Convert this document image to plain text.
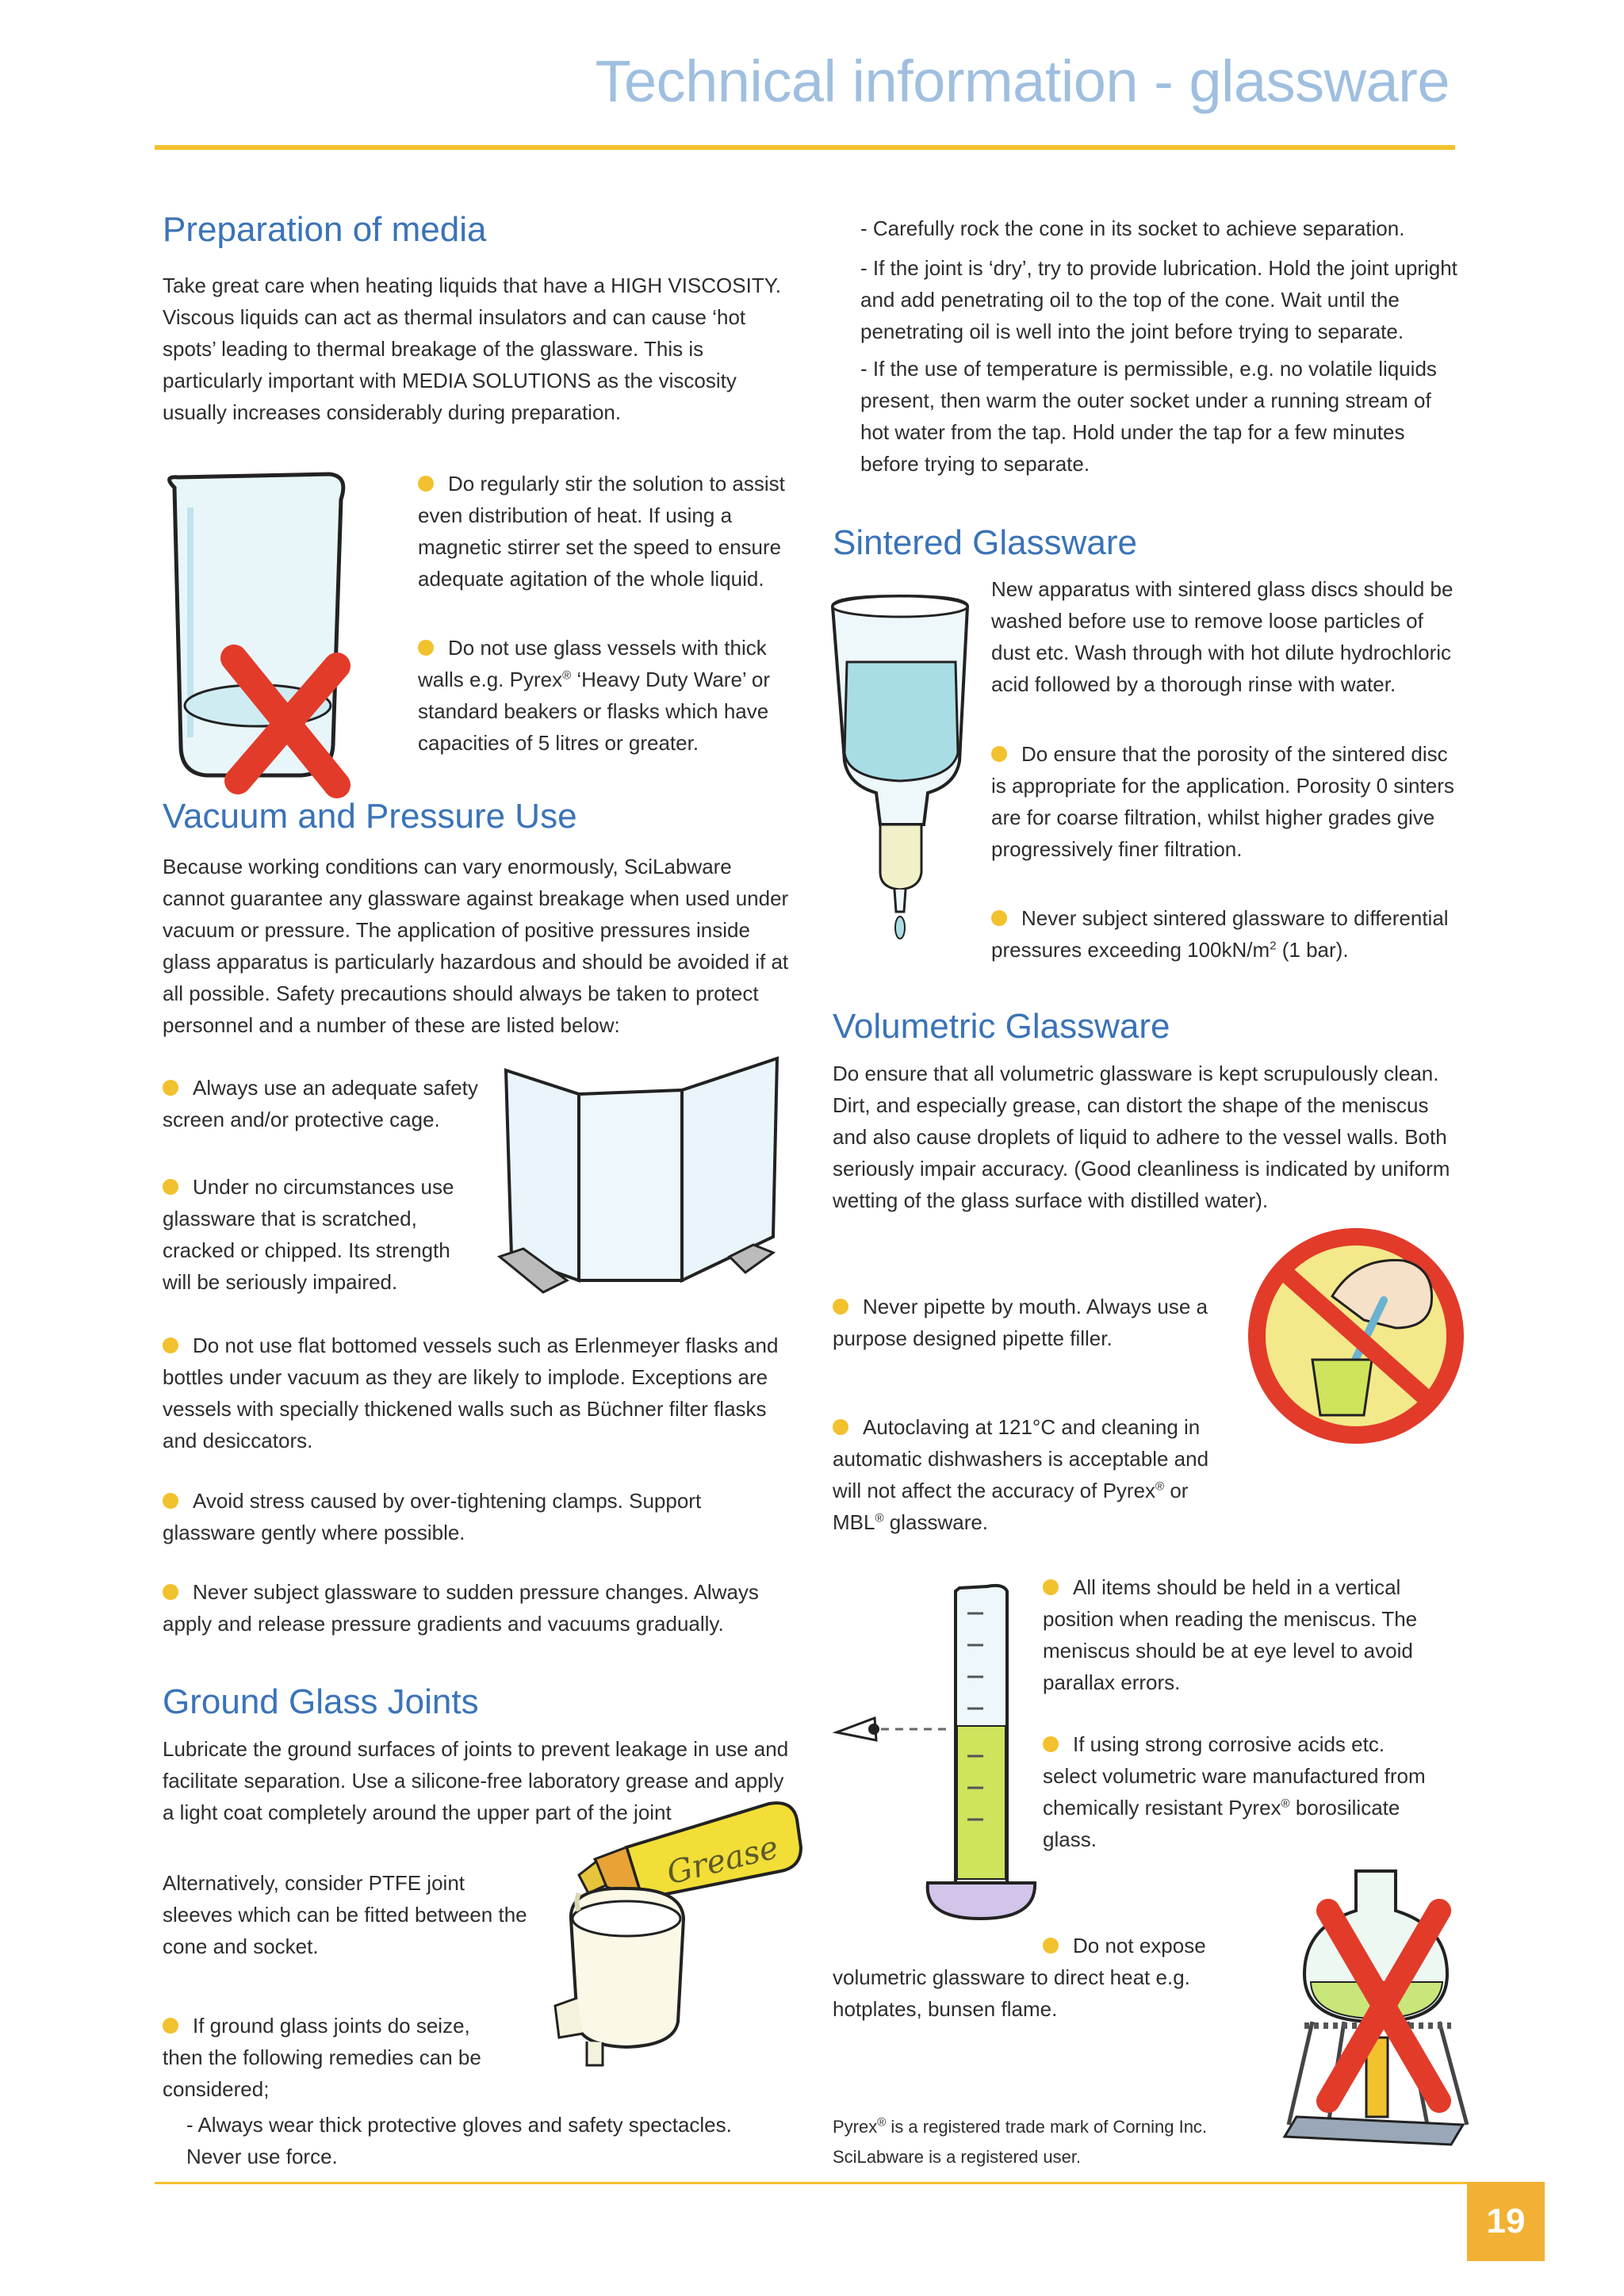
Technical information - glassware
Preparation of media

Take great care when heating liquids that have a HIGH VISCOSITY. Viscous liquids can act as thermal insulators and can cause ‘hot spots’ leading to thermal breakage of the glassware. This is particularly important with MEDIA SOLUTIONS as the viscosity usually increases considerably during preparation.

Do regularly stir the solution to assist even distribution of heat. If using a magnetic stirrer set the speed to ensure adequate agitation of the whole liquid.

Do not use glass vessels with thick walls e.g. Pyrex® ‘Heavy Duty Ware’ or standard beakers or flasks which have capacities of 5 litres or greater.

Vacuum and Pressure Use

Because working conditions can vary enormously, SciLabware cannot guarantee any glassware against breakage when used under vacuum or pressure. The application of positive pressures inside glass apparatus is particularly hazardous and should be avoided if at all possible. Safety precautions should always be taken to protect personnel and a number of these are listed below:

Always use an adequate safety screen and/or protective cage.

Under no circumstances use glassware that is scratched, cracked or chipped. Its strength will be seriously impaired.

Do not use flat bottomed vessels such as Erlenmeyer flasks and bottles under vacuum as they are likely to implode. Exceptions are vessels with specially thickened walls such as Büchner filter flasks and desiccators.

Avoid stress caused by over-tightening clamps. Support glassware gently where possible.

Never subject glassware to sudden pressure changes. Always apply and release pressure gradients and vacuums gradually.

Ground Glass Joints

Lubricate the ground surfaces of joints to prevent leakage in use and facilitate separation. Use a silicone-free laboratory grease and apply a light coat completely around the upper part of the joint

Alternatively, consider PTFE joint sleeves which can be fitted between the cone and socket.

Grease

If ground glass joints do seize, then the following remedies can be considered;

- Always wear thick protective gloves and safety spectacles. Never use force.

- Carefully rock the cone in its socket to achieve separation.

- If the joint is ‘dry’, try to provide lubrication. Hold the joint upright and add penetrating oil to the top of the cone. Wait until the penetrating oil is well into the joint before trying to separate.

- If the use of temperature is permissible, e.g. no volatile liquids present, then warm the outer socket under a running stream of hot water from the tap. Hold under the tap for a few minutes before trying to separate.

Sintered Glassware

New apparatus with sintered glass discs should be washed before use to remove loose particles of dust etc. Wash through with hot dilute hydrochloric acid followed by a thorough rinse with water.

Do ensure that the porosity of the sintered disc is appropriate for the application. Porosity 0 sinters are for coarse filtration, whilst higher grades give progressively finer filtration.

Never subject sintered glassware to differential pressures exceeding $100kN/m^2$ (1 bar).

Volumetric Glassware

Do ensure that all volumetric glassware is kept scrupulously clean. Dirt, and especially grease, can distort the shape of the meniscus and also cause droplets of liquid to adhere to the vessel walls. Both seriously impair accuracy. (Good cleanliness is indicated by uniform wetting of the glass surface with distilled water).

Never pipette by mouth. Always use a purpose designed pipette filler.

Autoclaving at 121°C and cleaning in automatic dishwashers is acceptable and will not affect the accuracy of Pyrex® or MBL® glassware.

All items should be held in a vertical position when reading the meniscus. The meniscus should be at eye level to avoid parallax errors.

If using strong corrosive acids etc. select volumetric ware manufactured from chemically resistant Pyrex® borosilicate glass.

Do not expose volumetric glassware to direct heat e.g. hotplates, bunsen flame.

Pyrex® is a registered trade mark of Corning Inc.
SciLabware is a registered user.

19
